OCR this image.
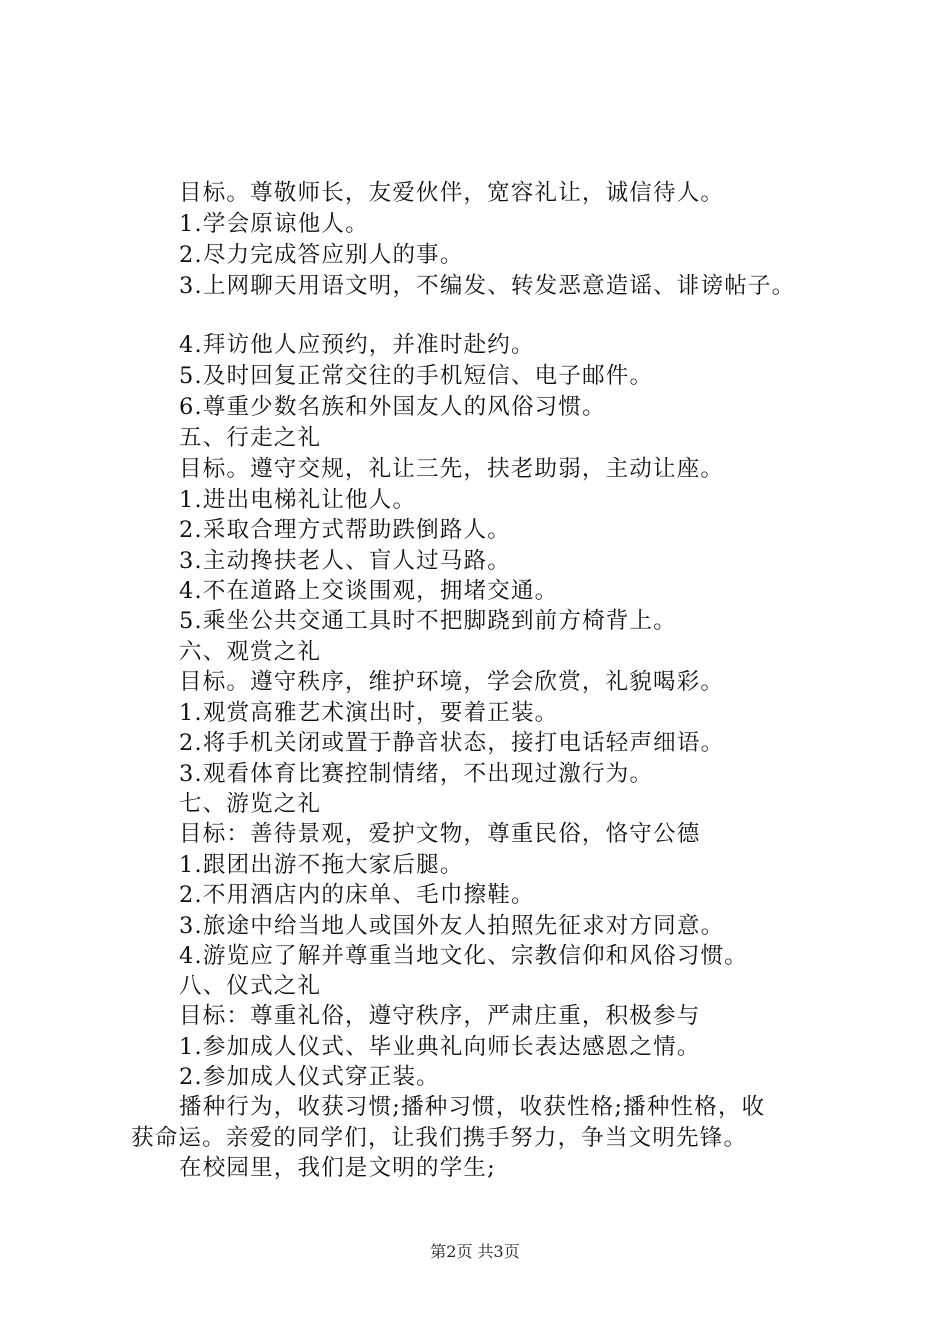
目标。尊敬师长，友爱伙伴，宽容礼让，诚信待人。
1.学会原谅他人。
2.尽力完成答应别人的事。
3.上网聊天用语文明，不编发、转发恶意造谣、诽谤帖子。
4.拜访他人应预约，并准时赴约。
5.及时回复正常交往的手机短信、电子邮件。
6.尊重少数名族和外国友人的风俗习惯。
五、行走之礼
目标。遵守交规，礼让三先，扶老助弱，主动让座。
1.进出电梯礼让他人。
2.采取合理方式帮助跌倒路人。
3.主动搀扶老人、盲人过马路。
4.不在道路上交谈围观，拥堵交通。
5.乘坐公共交通工具时不把脚跷到前方椅背上。
六、观赏之礼
目标。遵守秩序，维护环境，学会欣赏，礼貌喝彩。
1.观赏高雅艺术演出时，要着正装。
2.将手机关闭或置于静音状态，接打电话轻声细语。
3.观看体育比赛控制情绪，不出现过激行为。
七、游览之礼
目标：善待景观，爱护文物，尊重民俗，恪守公德
1.跟团出游不拖大家后腿。
2.不用酒店内的床单、毛巾擦鞋。
3.旅途中给当地人或国外友人拍照先征求对方同意。
4.游览应了解并尊重当地文化、宗教信仰和风俗习惯。
八、仪式之礼
目标：尊重礼俗，遵守秩序，严肃庄重，积极参与
1.参加成人仪式、毕业典礼向师长表达感恩之情。
2.参加成人仪式穿正装。
播种行为，收获习惯;播种习惯，收获性格;播种性格，收
获命运。亲爱的同学们，让我们携手努力，争当文明先锋。
在校园里，我们是文明的学生;
第2页 共3页
